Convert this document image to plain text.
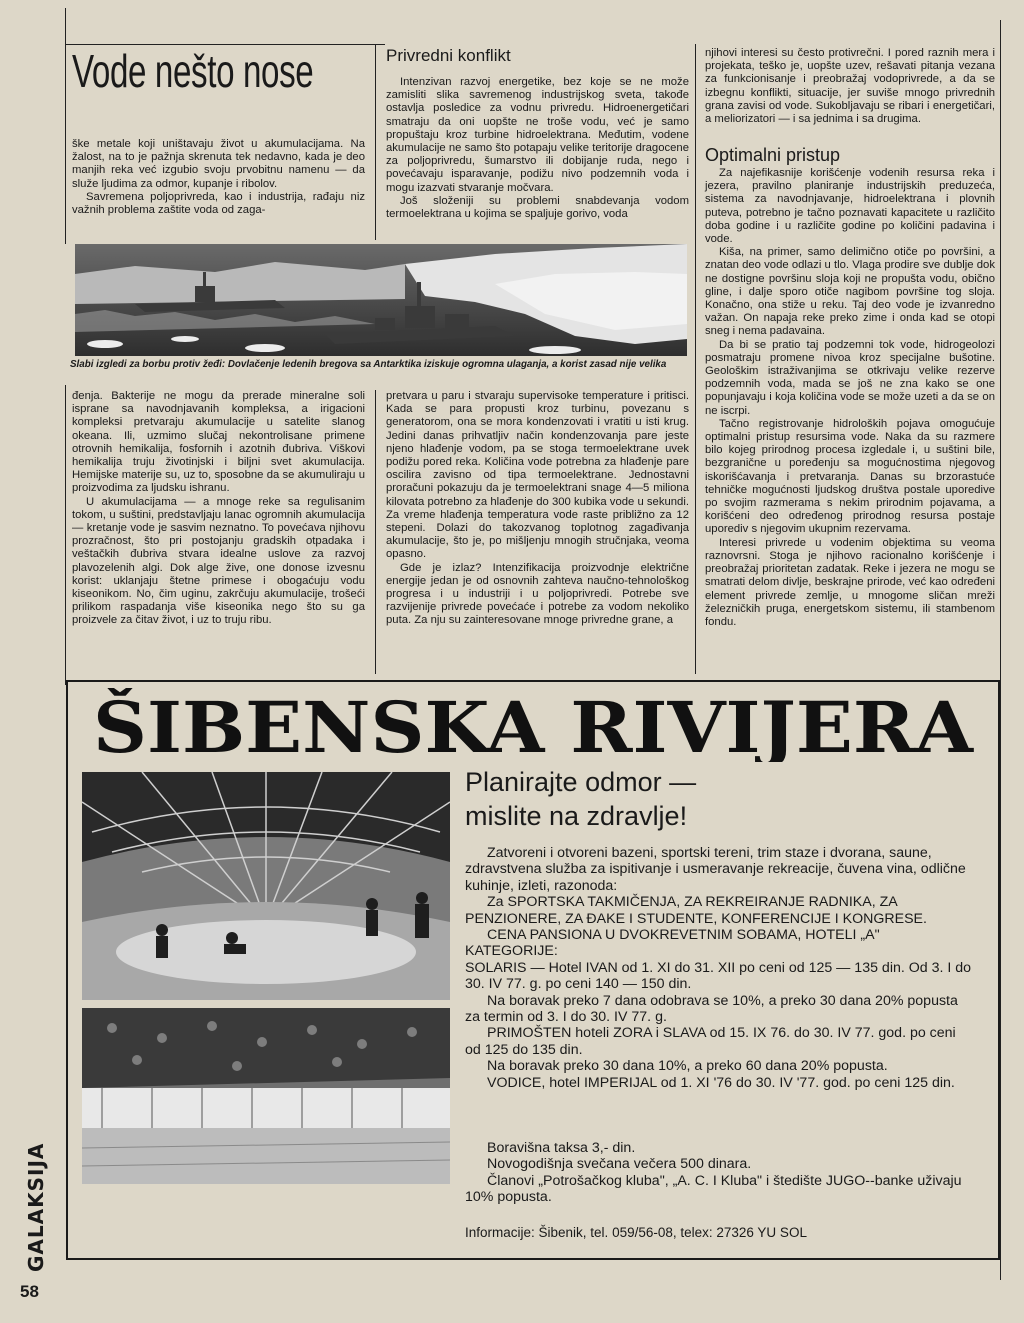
Vode nešto nose

ške metale koji uništavaju život u akumulacijama. Na žalost, na to je pažnja skrenuta tek nedavno, kada je deo manjih reka već izgubio svoju prvobitnu namenu — da služe ljudima za odmor, kupanje i ribolov.

Savremena poljoprivreda, kao i industrija, rađaju niz važnih problema zaštite voda od zaga-

Privredni konflikt

Intenzivan razvoj energetike, bez koje se ne može zamisliti slika savremenog industrijskog sveta, takođe ostavlja posledice za vodnu privredu. Hidroenergetičari smatraju da oni uopšte ne troše vodu, već je samo propuštaju kroz turbine hidroelektrana. Međutim, vodene akumulacije ne samo što potapaju velike teritorije dragocene za poljoprivredu, šumarstvo ili dobijanje ruda, nego i povećavaju isparavanje, podižu nivo podzemnih voda i mogu izazvati stvaranje močvara.

Još složeniji su problemi snabdevanja vodom termoelektrana u kojima se spaljuje gorivo, voda

njihovi interesi su često protivrečni. I pored raznih mera i projekata, teško je, uopšte uzev, rešavati pitanja vezana za funkcionisanje i preobražaj vodoprivrede, a da se izbegnu konflikti, situacije, jer suviše mnogo privrednih grana zavisi od vode. Sukobljavaju se ribari i energetičari, a meliorizatori — i sa jednima i sa drugima.

Optimalni pristup

Za najefikasnije korišćenje vodenih resursa reka i jezera, pravilno planiranje industrijskih preduzeća, sistema za navodnjavanje, hidroelektrana i plovnih puteva, potrebno je tačno poznavati kapacitete u različito doba godine i u različite godine po količini padavina i vode.

Kiša, na primer, samo delimično otiče po površini, a znatan deo vode odlazi u tlo. Vlaga prodire sve dublje dok ne dostigne površinu sloja koji ne propušta vodu, obično gline, i dalje sporo otiče nagibom površine tog sloja. Konačno, ona stiže u reku. Taj deo vode je izvanredno važan. On napaja reke preko zime i onda kad se otopi sneg i nema padavaina.

Da bi se pratio taj podzemni tok vode, hidrogeolozi posmatraju promene nivoa kroz specijalne bušotine. Geološkim istraživanjima se otkrivaju velike rezerve podzemnih voda, mada se još ne zna kako se one popunjavaju i koja količina vode se može uzeti a da se on ne iscrpi.

Tačno registrovanje hidroloških pojava omogućuje optimalni pristup resursima vode. Naka da su razmere bilo kojeg prirodnog procesa izgledale i, u suštini bile, bezgranične u poređenju sa mogućnostima njegovog iskorišćavanja i pretvaranja. Danas su brzorastuće tehničke mogućnosti ljudskog društva postale uporedive po svojim razmerama s nekim prirodnim pojavama, a korišćeni deo određenog prirodnog resursa postaje uporediv s njegovim ukupnim rezervama.

Interesi privrede u vodenim objektima su veoma raznovrsni. Stoga je njihovo racionalno korišćenje i preobražaj prioritetan zadatak. Reke i jezera ne mogu se smatrati delom divlje, beskrajne prirode, već kao određeni element privrede zemlje, u mnogome sličan mreži železničkih pruga, energetskom sistemu, ili stambenom fondu.

Slabi izgledi za borbu protiv žeđi: Dovlačenje ledenih bregova sa Antarktika iziskuje ogromna ulaganja, a korist zasad nije velika

đenja. Bakterije ne mogu da prerade mineralne soli isprane sa navodnjavanih kompleksa, a irigacioni kompleksi pretvaraju akumulacije u satelite slanog okeana. Ili, uzmimo slučaj nekontrolisane primene otrovnih hemikalija, fosfornih i azotnih đubriva. Viškovi hemikalija truju životinjski i biljni svet akumulacija. Hemijske materije su, uz to, sposobne da se akumuliraju u proizvodima za ljudsku ishranu.

U akumulacijama — a mnoge reke sa regulisanim tokom, u suštini, predstavljaju lanac ogromnih akumulacija — kretanje vode je sasvim neznatno. To povećava njihovu prozračnost, što pri postojanju gradskih otpadaka i veštačkih đubriva stvara idealne uslove za razvoj plavozelenih algi. Dok alge žive, one donose izvesnu korist: uklanjaju štetne primese i obogaćuju vodu kiseonikom. No, čim uginu, zakrčuju akumulacije, trošeći prilikom raspadanja više kiseonika nego što su ga proizvele za čitav život, i uz to truju ribu.

pretvara u paru i stvaraju supervisoke temperature i pritisci. Kada se para propusti kroz turbinu, povezanu s generatorom, ona se mora kondenzovati i vratiti u isti krug. Jedini danas prihvatljiv način kondenzovanja pare jeste njeno hlađenje vodom, pa se stoga termoelektrane uvek podižu pored reka. Količina vode potrebna za hlađenje pare oscilira zavisno od tipa termoelektrane. Jednostavni proračuni pokazuju da je termoelektrani snage 4—5 miliona kilovata potrebno za hlađenje do 300 kubika vode u sekundi. Za vreme hlađenja temperatura vode raste približno za 12 stepeni. Dolazi do takozvanog toplotnog zagađivanja akumulacije, što je, po mišljenju mnogih stručnjaka, veoma opasno.

Gde je izlaz? Intenzifikacija proizvodnje električne energije jedan je od osnovnih zahteva naučno-tehnološkog progresa i u industriji i u poljoprivredi. Potrebe sve razvijenije privrede povećaće i potrebe za vodom nekoliko puta. Za nju su zainteresovane mnoge privredne grane, a

ŠIBENSKA RIVIJERA
Planirajte odmor —
mislite na zdravlje!

Zatvoreni i otvoreni bazeni, sportski tereni, trim staze i dvorana, saune, zdravstvena služba za ispitivanje i usmeravanje rekreacije, čuvena vina, odlične kuhinje, izleti, razonoda:

Za SPORTSKA TAKMIČENJA, ZA REKREIRANJE RADNIKA, ZA PENZIONERE, ZA ĐAKE I STUDENTE, KONFERENCIJE I KONGRESE.

CENA PANSIONA U DVOKREVETNIM SOBAMA, HOTELI „A" KATEGORIJE:

SOLARIS — Hotel IVAN od 1. XI do 31. XII po ceni od 125 — 135 din. Od 3. I do 30. IV 77. g. po ceni 140 — 150 din.

Na boravak preko 7 dana odobrava se 10%, a preko 30 dana 20% popusta za termin od 3. I do 30. IV 77. g.

PRIMOŠTEN hoteli ZORA i SLAVA od 15. IX 76. do 30. IV 77. god. po ceni od 125 do 135 din.

Na boravak preko 30 dana 10%, a preko 60 dana 20% popusta.

VODICE, hotel IMPERIJAL od 1. XI '76 do 30. IV '77. god. po ceni 125 din.

Boravišna taksa 3,- din.

Novogodišnja svečana večera 500 dinara.

Članovi „Potrošačkog kluba", „A. C. I Kluba" i štedište JUGO--banke uživaju 10% popusta.

Informacije: Šibenik, tel. 059/56-08, telex: 27326 YU SOL
GALAKSIJA
58
